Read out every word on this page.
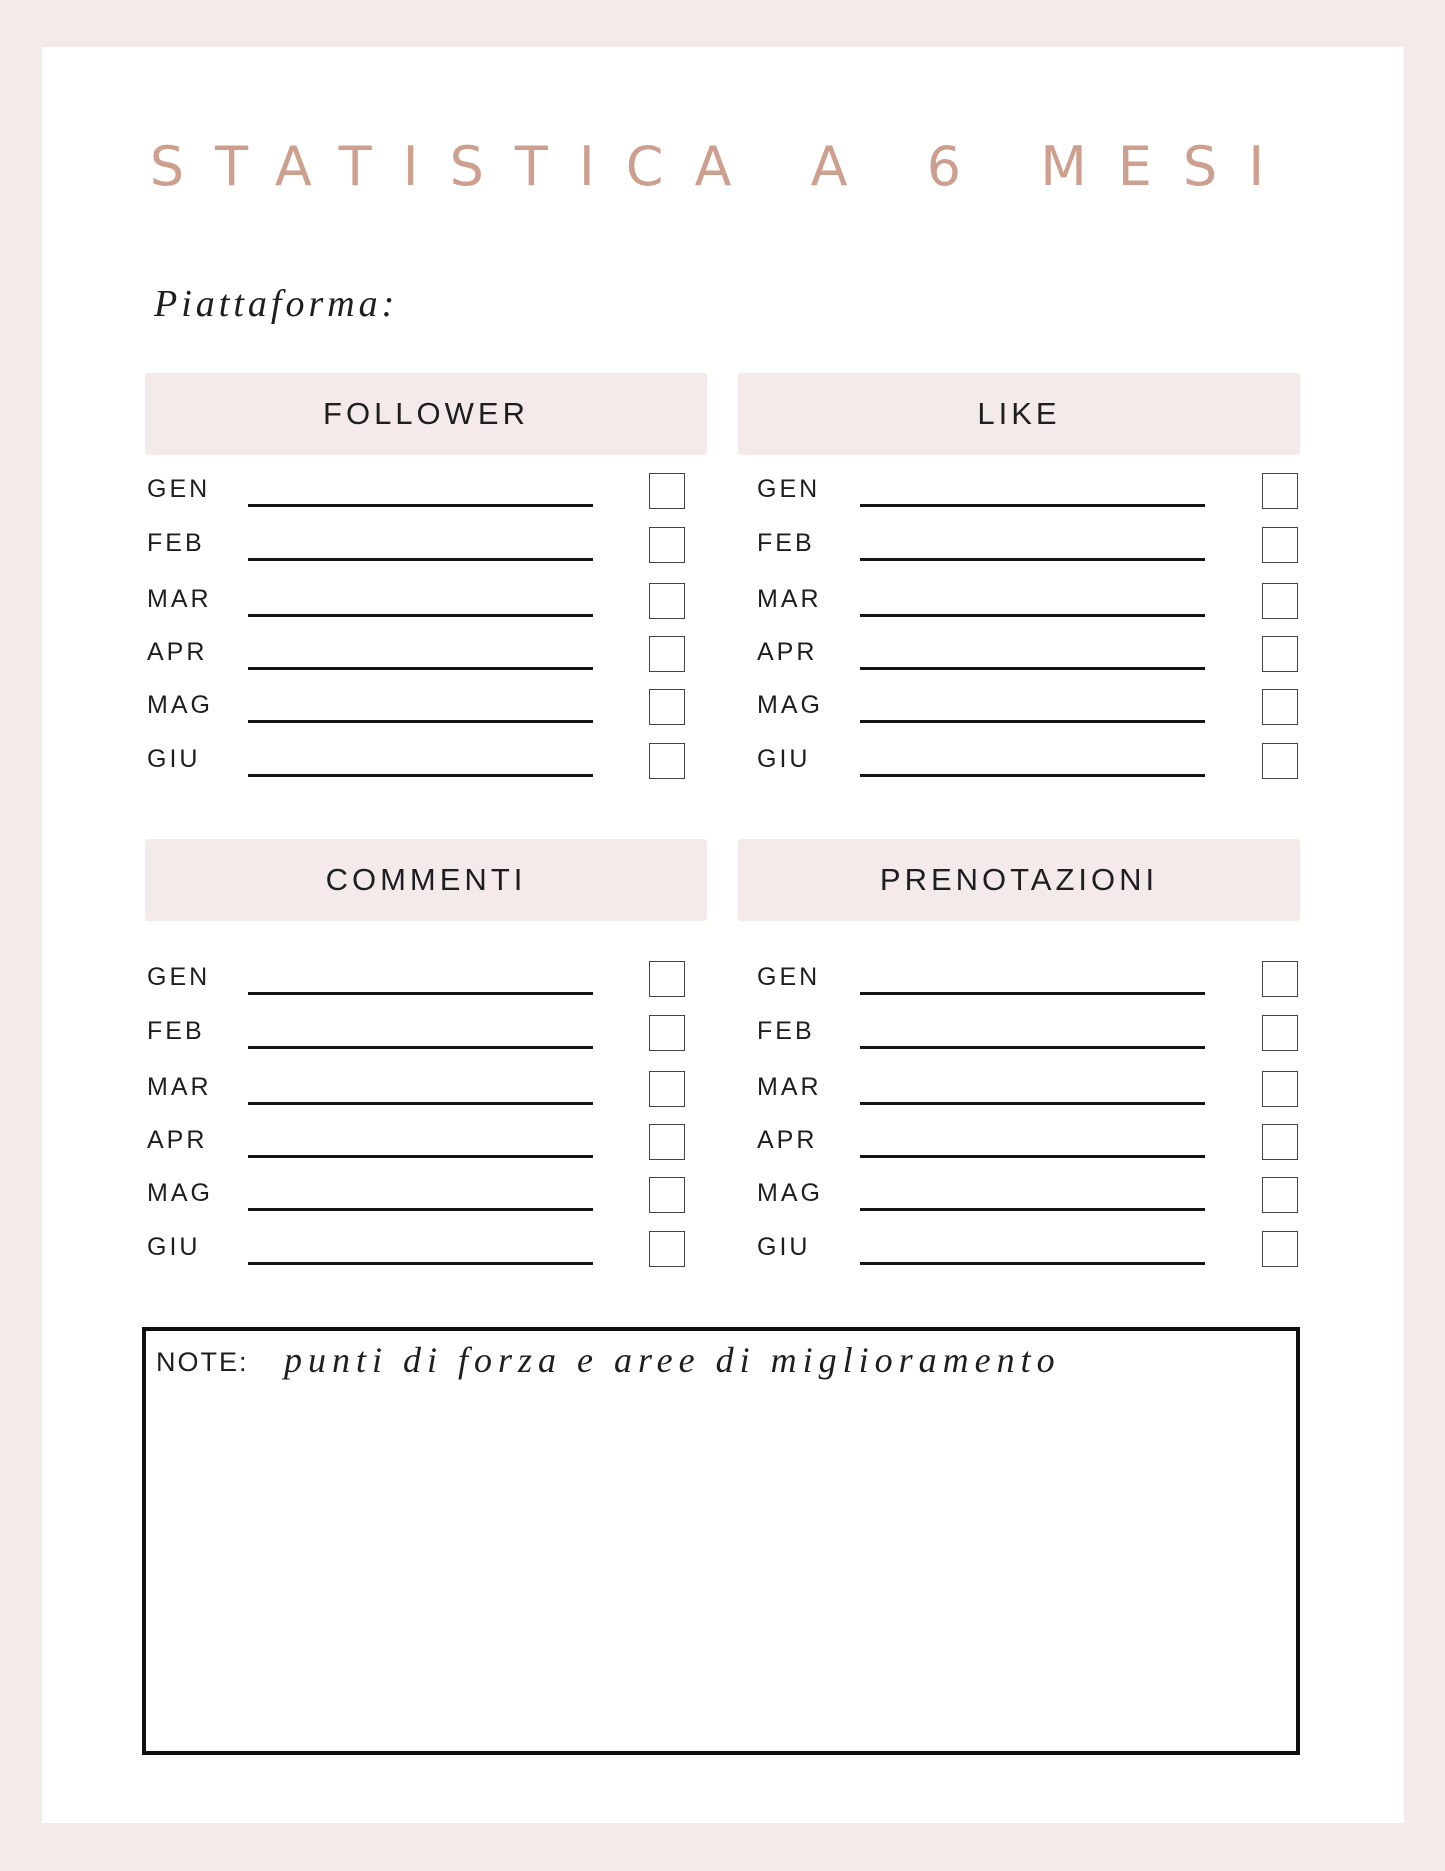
STATISTICA A 6 MESI
Piattaforma:
FOLLOWER
GEN
FEB
MAR
APR
MAG
GIU
LIKE
GEN
FEB
MAR
APR
MAG
GIU
COMMENTI
GEN
FEB
MAR
APR
MAG
GIU
PRENOTAZIONI
GEN
FEB
MAR
APR
MAG
GIU
NOTE: punti di forza e aree di miglioramento
